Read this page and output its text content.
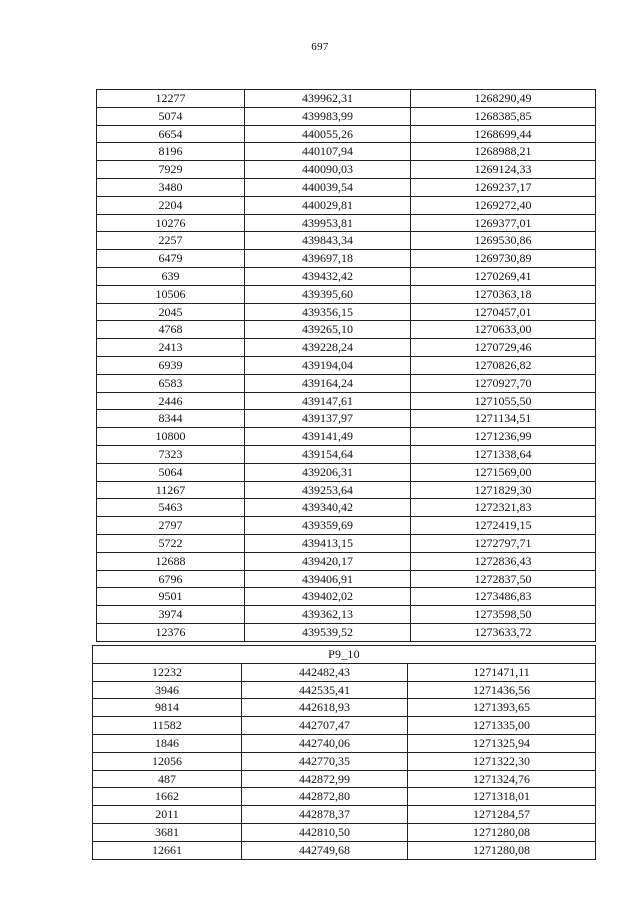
697
12277	439962,31	1268290,49
5074	439983,99	1268385,85
6654	440055,26	1268699,44
8196	440107,94	1268988,21
7929	440090,03	1269124,33
3480	440039,54	1269237,17
2204	440029,81	1269272,40
10276	439953,81	1269377,01
2257	439843,34	1269530,86
6479	439697,18	1269730,89
639	439432,42	1270269,41
10506	439395,60	1270363,18
2045	439356,15	1270457,01
4768	439265,10	1270633,00
2413	439228,24	1270729,46
6939	439194,04	1270826,82
6583	439164,24	1270927,70
2446	439147,61	1271055,50
8344	439137,97	1271134,51
10800	439141,49	1271236,99
7323	439154,64	1271338,64
5064	439206,31	1271569,00
11267	439253,64	1271829,30
5463	439340,42	1272321,83
2797	439359,69	1272419,15
5722	439413,15	1272797,71
12688	439420,17	1272836,43
6796	439406,91	1272837,50
9501	439402,02	1273486,83
3974	439362,13	1273598,50
12376	439539,52	1273633,72
P9_10		
12232	442482,43	1271471,11
3946	442535,41	1271436,56
9814	442618,93	1271393,65
11582	442707,47	1271335,00
1846	442740,06	1271325,94
12056	442770,35	1271322,30
487	442872,99	1271324,76
1662	442872,80	1271318,01
2011	442878,37	1271284,57
3681	442810,50	1271280,08
12661	442749,68	1271280,08
